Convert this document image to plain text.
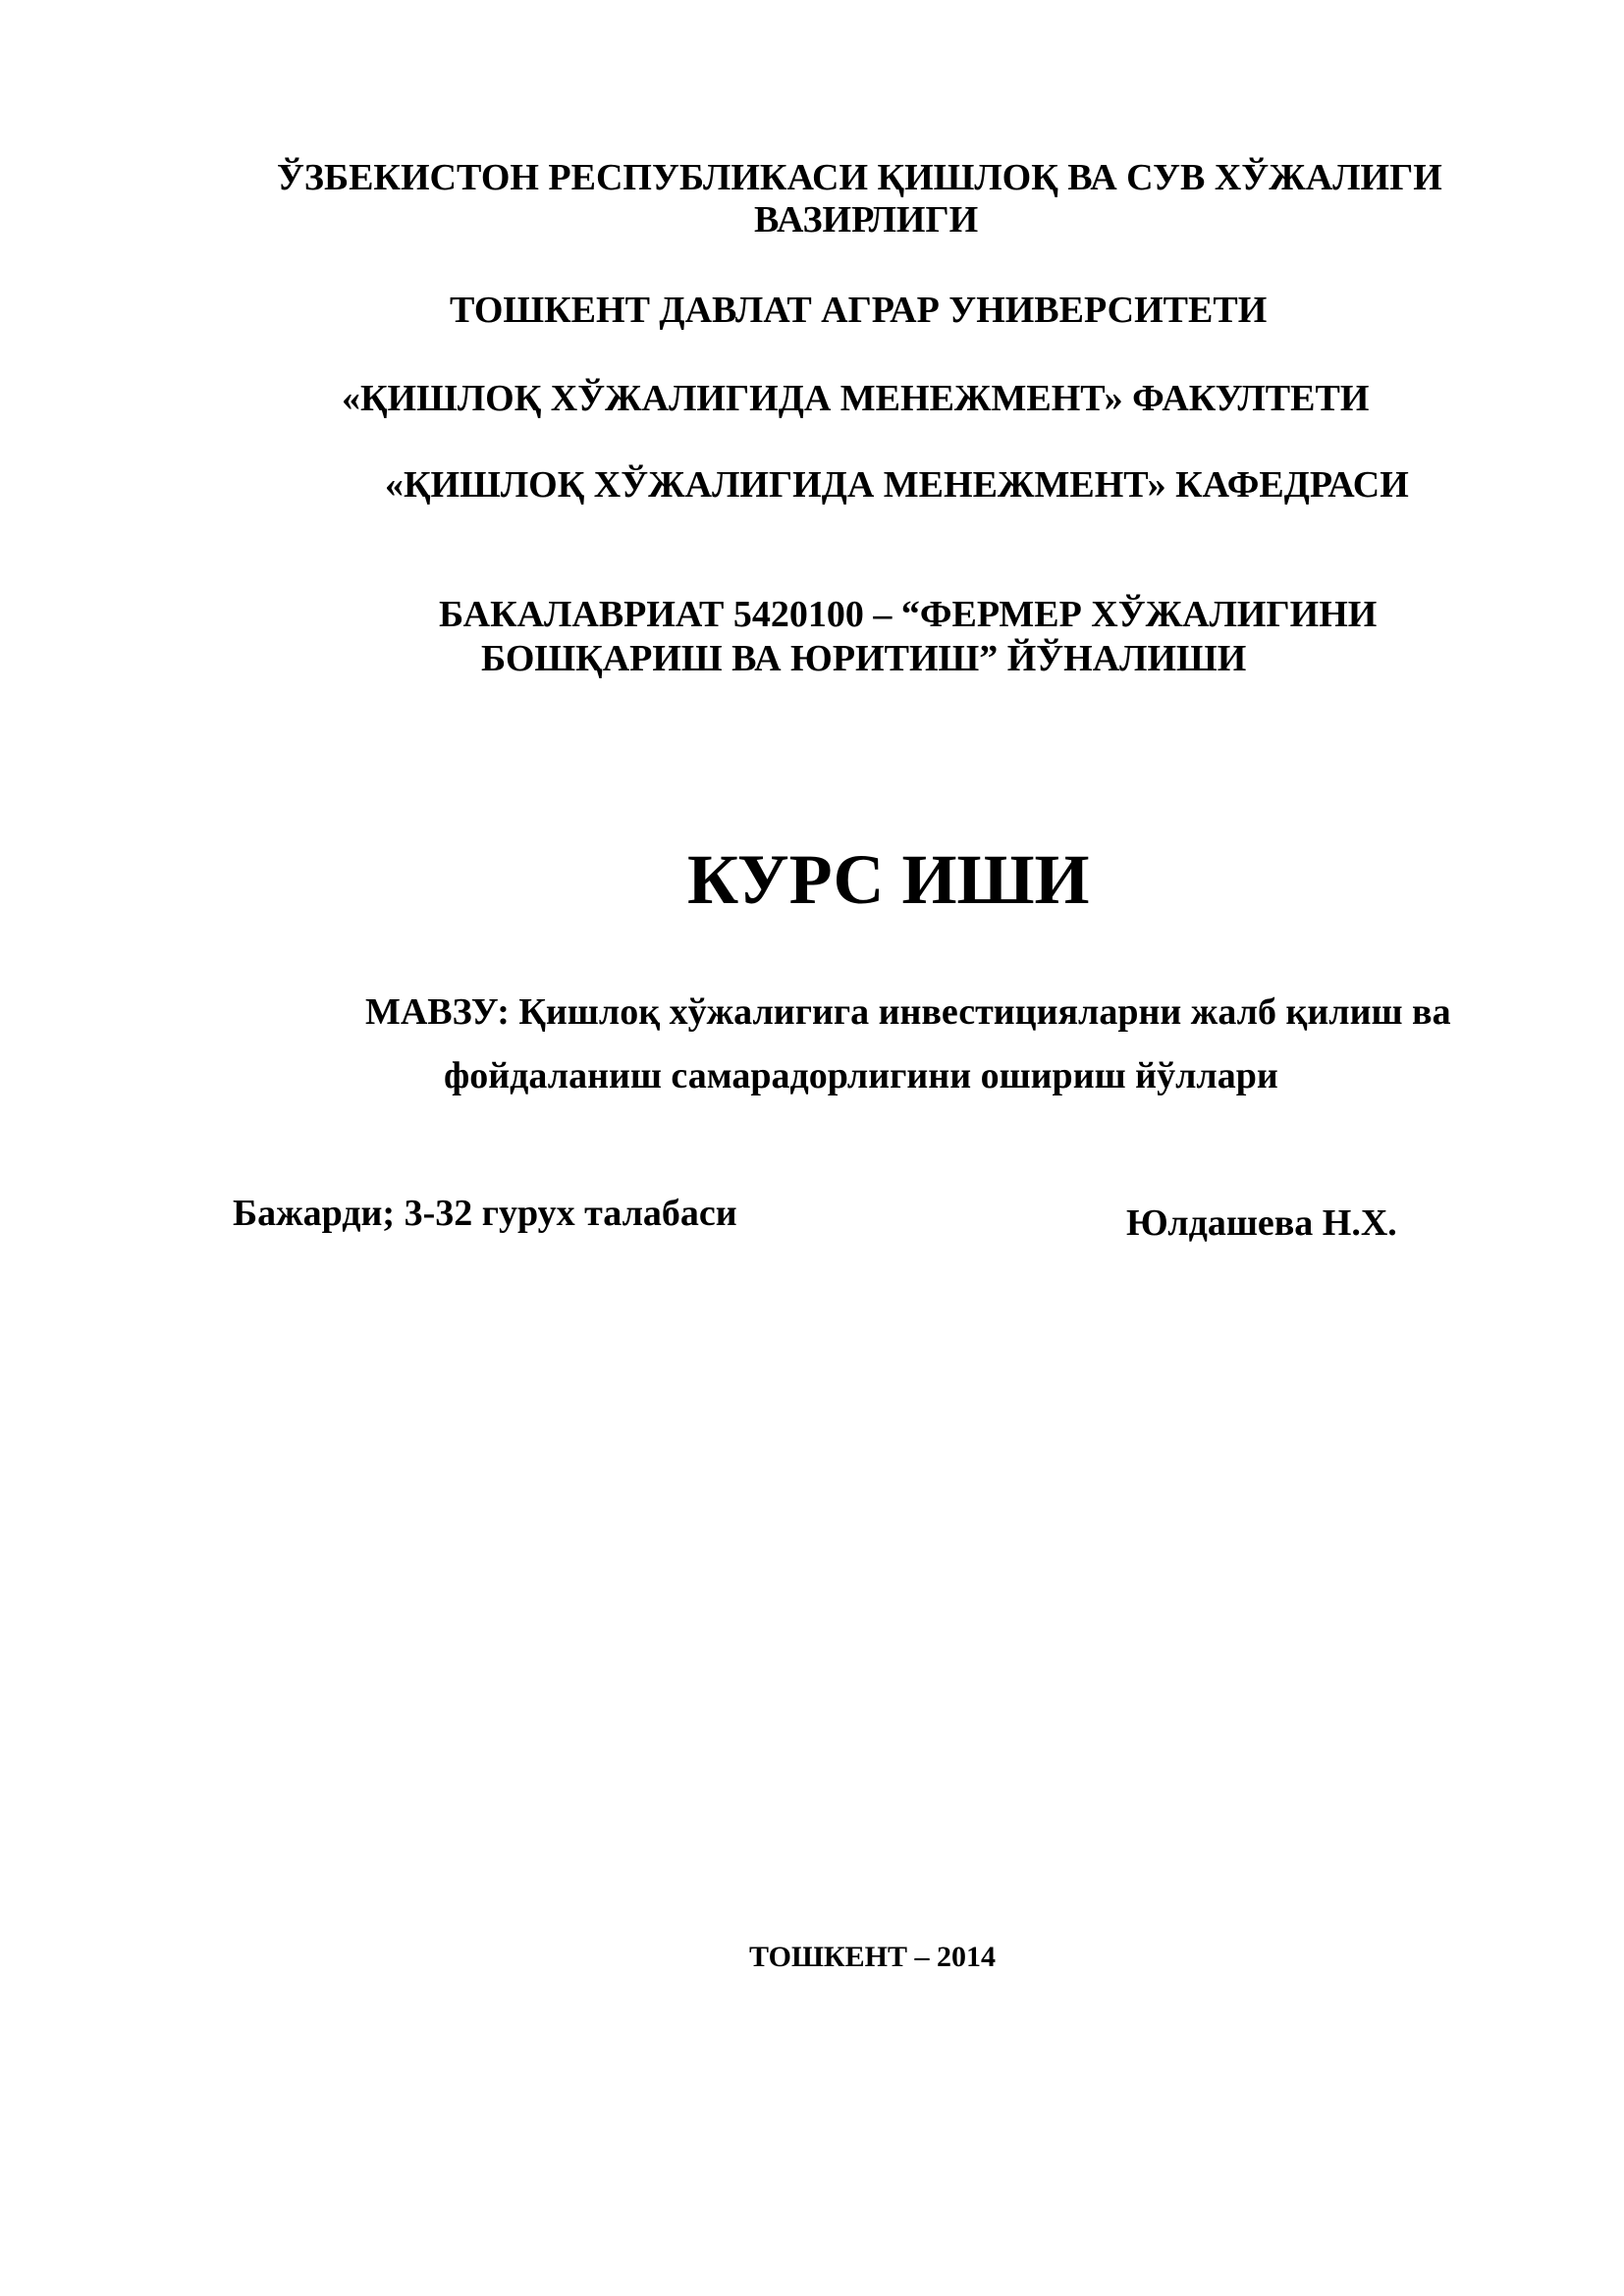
ЎЗБЕКИСТОН РЕСПУБЛИКАСИ ҚИШЛОҚ ВА СУВ ХЎЖАЛИГИ
ВАЗИРЛИГИ
ТОШКЕНТ ДАВЛАТ АГРАР УНИВЕРСИТЕТИ
«ҚИШЛОҚ ХЎЖАЛИГИДА МЕНЕЖМЕНТ» ФАКУЛТЕТИ
«ҚИШЛОҚ ХЎЖАЛИГИДА МЕНЕЖМЕНТ» КАФЕДРАСИ
БАКАЛАВРИАТ 5420100 – “ФЕРМЕР ХЎЖАЛИГИНИ
БОШҚАРИШ ВА ЮРИТИШ” ЙЎНАЛИШИ
КУРС ИШИ
МАВЗУ: Қишлоқ хўжалигига инвестицияларни жалб қилиш ва
фойдаланиш самарадорлигини ошириш йўллари
Бажарди; 3-32 гурух талабаси	Юлдашева Н.Х.
ТОШКЕНТ – 2014
